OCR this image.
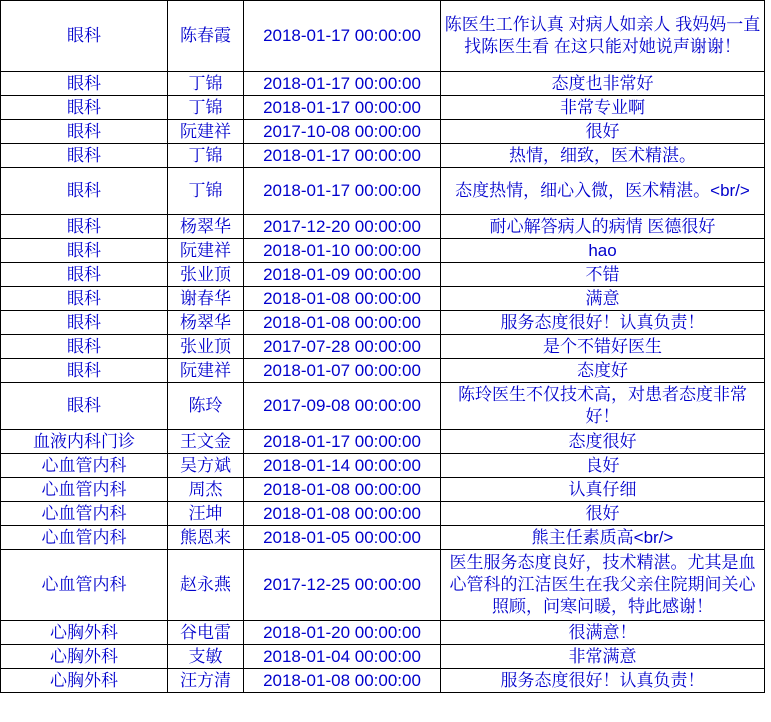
眼科	陈春霞	2018-01-17 00:00:00	陈医生工作认真 对病人如亲人 我妈妈一直找陈医生看 在这只能对她说声谢谢！
眼科	丁锦	2018-01-17 00:00:00	态度也非常好
眼科	丁锦	2018-01-17 00:00:00	非常专业啊
眼科	阮建祥	2017-10-08 00:00:00	很好
眼科	丁锦	2018-01-17 00:00:00	热情，细致，医术精湛。
眼科	丁锦	2018-01-17 00:00:00	态度热情，细心入微，医术精湛。<br/>
眼科	杨翠华	2017-12-20 00:00:00	耐心解答病人的病情 医德很好
眼科	阮建祥	2018-01-10 00:00:00	hao
眼科	张业顶	2018-01-09 00:00:00	不错
眼科	谢春华	2018-01-08 00:00:00	满意
眼科	杨翠华	2018-01-08 00:00:00	服务态度很好！认真负责！
眼科	张业顶	2017-07-28 00:00:00	是个不错好医生
眼科	阮建祥	2018-01-07 00:00:00	态度好
眼科	陈玲	2017-09-08 00:00:00	陈玲医生不仅技术高，对患者态度非常好！
血液内科门诊	王文金	2018-01-17 00:00:00	态度很好
心血管内科	吴方斌	2018-01-14 00:00:00	良好
心血管内科	周杰	2018-01-08 00:00:00	认真仔细
心血管内科	汪坤	2018-01-08 00:00:00	很好
心血管内科	熊恩来	2018-01-05 00:00:00	熊主任素质高<br/>
心血管内科	赵永燕	2017-12-25 00:00:00	医生服务态度良好，技术精湛。尤其是血心管科的江洁医生在我父亲住院期间关心照顾，问寒问暖，特此感谢！
心胸外科	谷电雷	2018-01-20 00:00:00	很满意！
心胸外科	支敏	2018-01-04 00:00:00	非常满意
心胸外科	汪方清	2018-01-08 00:00:00	服务态度很好！认真负责！
